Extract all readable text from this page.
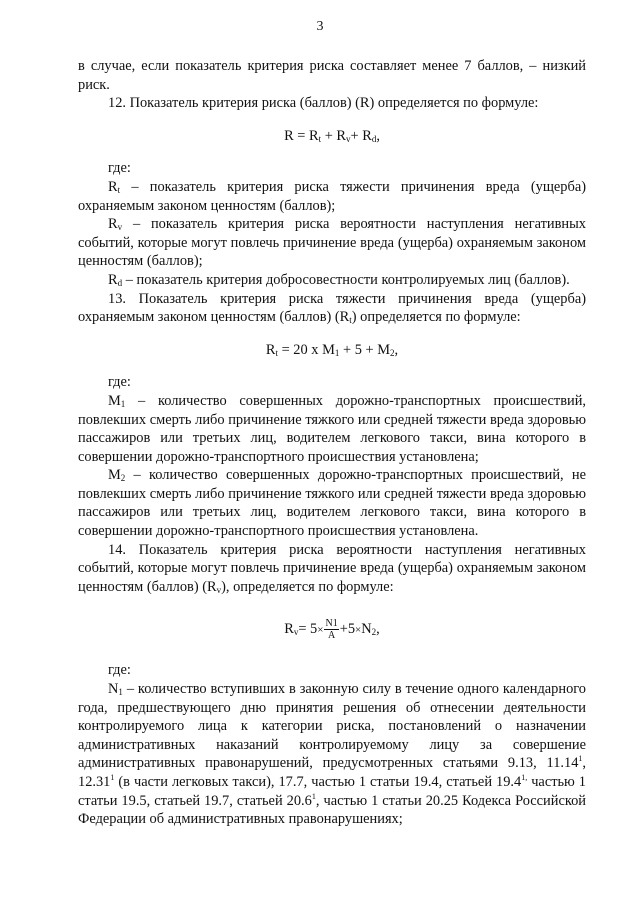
3

в случае, если показатель критерия риска составляет менее 7 баллов, – низкий риск.

12. Показатель критерия риска (баллов) (R) определяется по формуле:

$R = R_t + R_v+ R_d$,

где:

$R_t$ – показатель критерия риска тяжести причинения вреда (ущерба) охраняемым законом ценностям (баллов);

$R_v$ – показатель критерия риска вероятности наступления негативных событий, которые могут повлечь причинение вреда (ущерба) охраняемым законом ценностям (баллов);

$R_d$ – показатель критерия добросовестности контролируемых лиц (баллов).

13. Показатель критерия риска тяжести причинения вреда (ущерба) охраняемым законом ценностям (баллов) $(R_t)$ определяется по формуле:

$R_t = 20$ x $M_1 + 5 + M_2$,

где:

$M_1$ – количество совершенных дорожно-транспортных происшествий, повлекших смерть либо причинение тяжкого или средней тяжести вреда здоровью пассажиров или третьих лиц, водителем легкового такси, вина которого в совершении дорожно-транспортного происшествия установлена;

$M_2$ – количество совершенных дорожно-транспортных происшествий, не повлекших смерть либо причинение тяжкого или средней тяжести вреда здоровью пассажиров или третьих лиц, водителем легкового такси, вина которого в совершении дорожно-транспортного происшествия установлена.

14. Показатель критерия риска вероятности наступления негативных событий, которые могут повлечь причинение вреда (ущерба) охраняемым законом ценностям (баллов) $(R_v)$, определяется по формуле:

$R_v= 5\times \frac{N1}{A} +5\times N_2$,

где:

$N_1$ – количество вступивших в законную силу в течение одного календарного года, предшествующего дню принятия решения об отнесении деятельности контролируемого лица к категории риска, постановлений о назначении административных наказаний контролируемому лицу за совершение административных правонарушений, предусмотренных статьями 9.13, 11.14$^1$, 12.31$^1$ (в части легковых такси), 17.7, частью 1 статьи 19.4, статьей $19.4^{1,}$ частью 1 статьи 19.5, статьей 19.7, статьей 20.6$^1$, частью 1 статьи 20.25 Кодекса Российской Федерации об административных правонарушениях;
